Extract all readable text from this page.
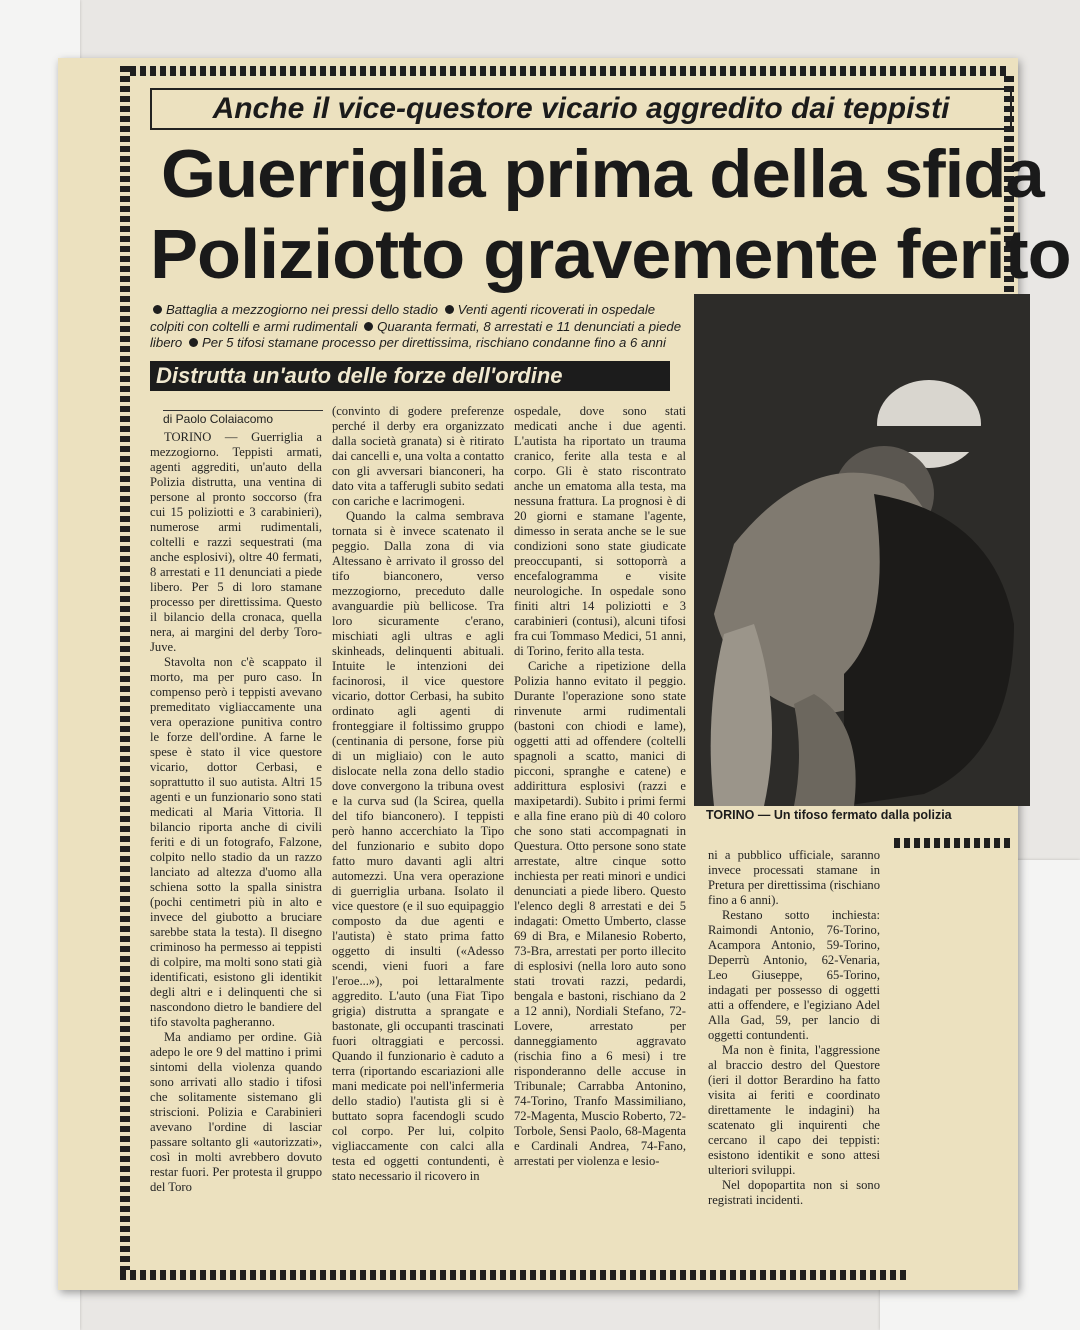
Anche il vice-questore vicario aggredito dai teppisti
Guerriglia prima della sfida
Poliziotto gravemente ferito
Battaglia a mezzogiorno nei pressi dello stadio Venti agenti ricoverati in ospedale colpiti con coltelli e armi rudimentali Quaranta fermati, 8 arrestati e 11 denunciati a piede libero Per 5 tifosi stamane processo per direttissima, rischiano condanne fino a 6 anni
Distrutta un'auto delle forze dell'ordine
di Paolo Colaiacomo

TORINO — Guerriglia a mezzogiorno. Teppisti armati, agenti aggrediti, un'auto della Polizia distrutta, una ventina di persone al pronto soccorso (fra cui 15 poliziotti e 3 carabinieri), numerose armi rudimentali, coltelli e razzi sequestrati (ma anche esplosivi), oltre 40 fermati, 8 arrestati e 11 denunciati a piede libero. Per 5 di loro stamane processo per direttissima. Questo il bilancio della cronaca, quella nera, ai margini del derby Toro-Juve.

Stavolta non c'è scappato il morto, ma per puro caso. In compenso però i teppisti avevano premeditato vigliaccamente una vera operazione punitiva contro le forze dell'ordine. A farne le spese è stato il vice questore vicario, dottor Cerbasi, e soprattutto il suo autista. Altri 15 agenti e un funzionario sono stati medicati al Maria Vittoria. Il bilancio riporta anche di civili feriti e di un fotografo, Falzone, colpito nello stadio da un razzo lanciato ad altezza d'uomo alla schiena sotto la spalla sinistra (pochi centimetri più in alto e invece del giubotto a bruciare sarebbe stata la testa). Il disegno criminoso ha permesso ai teppisti di colpire, ma molti sono stati già identificati, esistono gli identikit degli altri e i delinquenti che si nascondono dietro le bandiere del tifo stavolta pagheranno.

Ma andiamo per ordine. Già adepo le ore 9 del mattino i primi sintomi della violenza quando sono arrivati allo stadio i tifosi che solitamente sistemano gli striscioni. Polizia e Carabinieri avevano l'ordine di lasciar passare soltanto gli «autorizzati», così in molti avrebbero dovuto restar fuori. Per protesta il gruppo del Toro

(convinto di godere preferenze perché il derby era organizzato dalla società granata) si è ritirato dai cancelli e, una volta a contatto con gli avversari bianconeri, ha dato vita a tafferugli subito sedati con cariche e lacrimogeni.

Quando la calma sembrava tornata si è invece scatenato il peggio. Dalla zona di via Altessano è arrivato il grosso del tifo bianconero, verso mezzogiorno, preceduto dalle avanguardie più bellicose. Tra loro sicuramente c'erano, mischiati agli ultras e agli skinheads, delinquenti abituali. Intuite le intenzioni dei facinorosi, il vice questore vicario, dottor Cerbasi, ha subito ordinato agli agenti di fronteggiare il foltissimo gruppo (centinania di persone, forse più di un migliaio) con le auto dislocate nella zona dello stadio dove convergono la tribuna ovest e la curva sud (la Scirea, quella del tifo bianconero). I teppisti però hanno accerchiato la Tipo del funzionario e subito dopo fatto muro davanti agli altri automezzi. Una vera operazione di guerriglia urbana. Isolato il vice questore (e il suo equipaggio composto da due agenti e l'autista) è stato prima fatto oggetto di insulti («Adesso scendi, vieni fuori a fare l'eroe...»), poi lettaralmente aggredito. L'auto (una Fiat Tipo grigia) distrutta a sprangate e bastonate, gli occupanti trascinati fuori oltraggiati e percossi. Quando il funzionario è caduto a terra (riportando escariazioni alle mani medicate poi nell'infermeria dello stadio) l'autista gli si è buttato sopra facendogli scudo col corpo. Per lui, colpito vigliaccamente con calci alla testa ed oggetti contundenti, è stato necessario il ricovero in

ospedale, dove sono stati medicati anche i due agenti. L'autista ha riportato un trauma cranico, ferite alla testa e al corpo. Gli è stato riscontrato anche un ematoma alla testa, ma nessuna frattura. La prognosi è di 20 giorni e stamane l'agente, dimesso in serata anche se le sue condizioni sono state giudicate preoccupanti, si sottoporrà a encefalogramma e visite neurologiche. In ospedale sono finiti altri 14 poliziotti e 3 carabinieri (contusi), alcuni tifosi fra cui Tommaso Medici, 51 anni, di Torino, ferito alla testa.

Cariche a ripetizione della Polizia hanno evitato il peggio. Durante l'operazione sono state rinvenute armi rudimentali (bastoni con chiodi e lame), oggetti atti ad offendere (coltelli spagnoli a scatto, manici di picconi, spranghe e catene) e addirittura esplosivi (razzi e maxipetardi). Subito i primi fermi e alla fine erano più di 40 coloro che sono stati accompagnati in Questura. Otto persone sono state arrestate, altre cinque sotto inchiesta per reati minori e undici denunciati a piede libero. Questo l'elenco degli 8 arrestati e dei 5 indagati: Ometto Umberto, classe 69 di Bra, e Milanesio Roberto, 73-Bra, arrestati per porto illecito di esplosivi (nella loro auto sono stati trovati razzi, pedardi, bengala e bastoni, rischiano da 2 a 12 anni), Nordiali Stefano, 72-Lovere, arrestato per danneggiamento aggravato (rischia fino a 6 mesi) i tre risponderanno delle accuse in Tribunale; Carrabba Antonino, 74-Torino, Tranfo Massimiliano, 72-Magenta, Muscio Roberto, 72-Torbole, Sensi Paolo, 68-Magenta e Cardinali Andrea, 74-Fano, arrestati per violenza e lesio-

TORINO — Un tifoso fermato dalla polizia

ni a pubblico ufficiale, saranno invece processati stamane in Pretura per direttissima (rischiano fino a 6 anni).

Restano sotto inchiesta: Raimondi Antonio, 76-Torino, Acampora Antonio, 59-Torino, Deperrù Antonio, 62-Venaria, Leo Giuseppe, 65-Torino, indagati per possesso di oggetti atti a offendere, e l'egiziano Adel Alla Gad, 59, per lancio di oggetti contundenti.

Ma non è finita, l'aggressione al braccio destro del Questore (ieri il dottor Berardino ha fatto visita ai feriti e coordinato direttamente le indagini) ha scatenato gli inquirenti che cercano il capo dei teppisti: esistono identikit e sono attesi ulteriori sviluppi.

Nel dopopartita non si sono registrati incidenti.
